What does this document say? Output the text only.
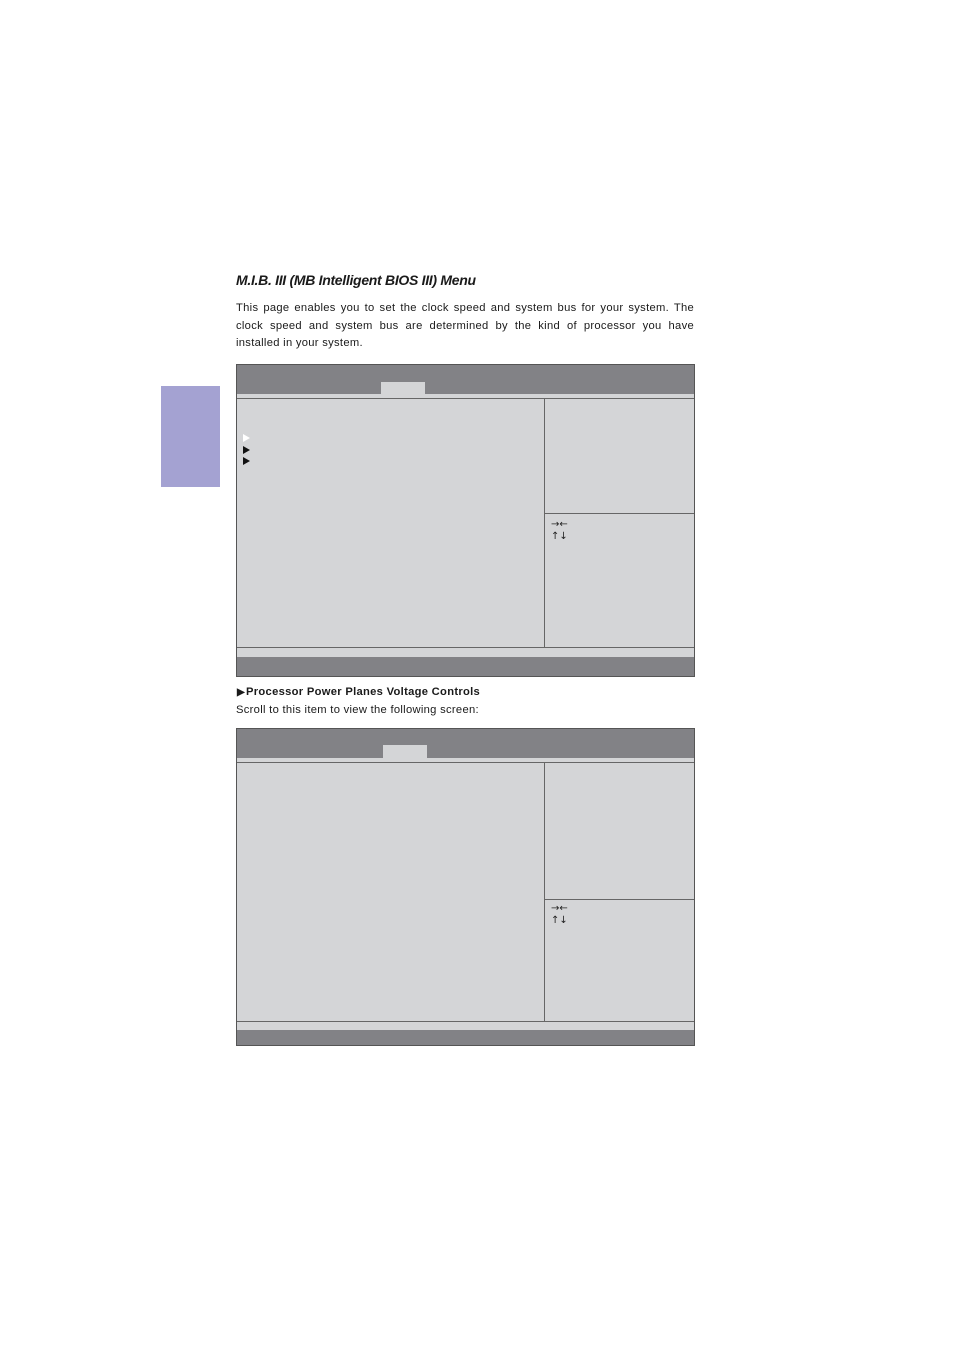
M.I.B. III (MB Intelligent BIOS III) Menu

This page enables you to set the clock speed and system bus for your system. The clock speed and system bus are determined by the kind of processor you have installed in your system.

→←
↑↓

▶Processor Power Planes Voltage Controls

Scroll to this item to view the following screen:

→←
↑↓
